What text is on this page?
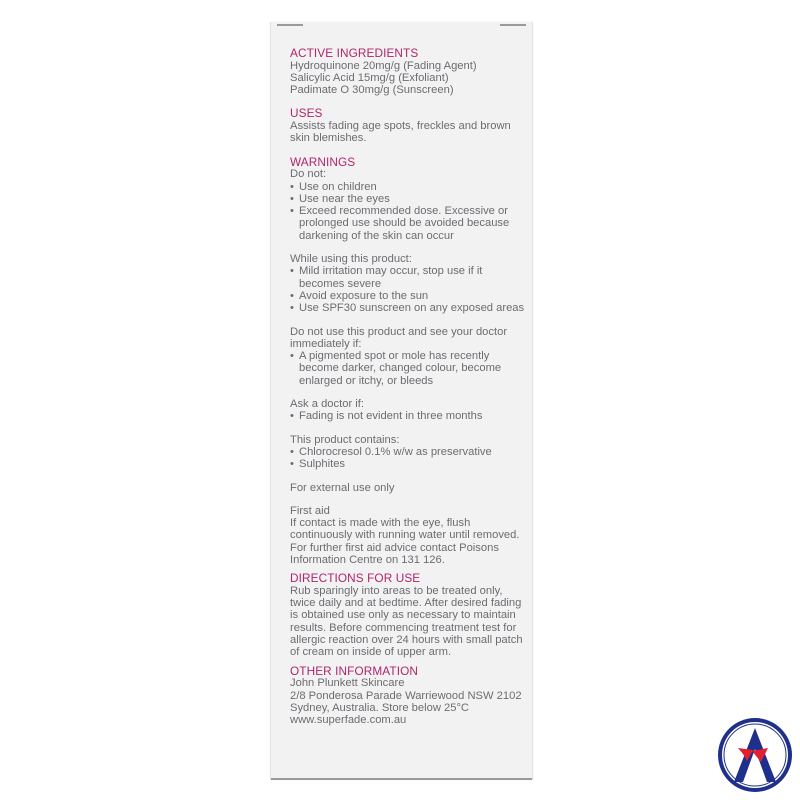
ACTIVE INGREDIENTS
Hydroquinone 20mg/g (Fading Agent)
Salicylic Acid 15mg/g (Exfoliant)
Padimate O 30mg/g (Sunscreen)
USES
Assists fading age spots, freckles and brown skin blemishes.
WARNINGS
Do not:
• Use on children
• Use near the eyes
• Exceed recommended dose. Excessive or prolonged use should be avoided because darkening of the skin can occur
While using this product:
• Mild irritation may occur, stop use if it becomes severe
• Avoid exposure to the sun
• Use SPF30 sunscreen on any exposed areas
Do not use this product and see your doctor immediately if:
• A pigmented spot or mole has recently become darker, changed colour, become enlarged or itchy, or bleeds
Ask a doctor if:
• Fading is not evident in three months
This product contains:
• Chlorocresol 0.1% w/w as preservative
• Sulphites
For external use only
First aid
If contact is made with the eye, flush continuously with running water until removed. For further first aid advice contact Poisons Information Centre on 131 126.
DIRECTIONS FOR USE
Rub sparingly into areas to be treated only, twice daily and at bedtime. After desired fading is obtained use only as necessary to maintain results. Before commencing treatment test for allergic reaction over 24 hours with small patch of cream on inside of upper arm.
OTHER INFORMATION
John Plunkett Skincare
2/8 Ponderosa Parade Warriewood NSW 2102
Sydney, Australia. Store below 25°C
www.superfade.com.au
